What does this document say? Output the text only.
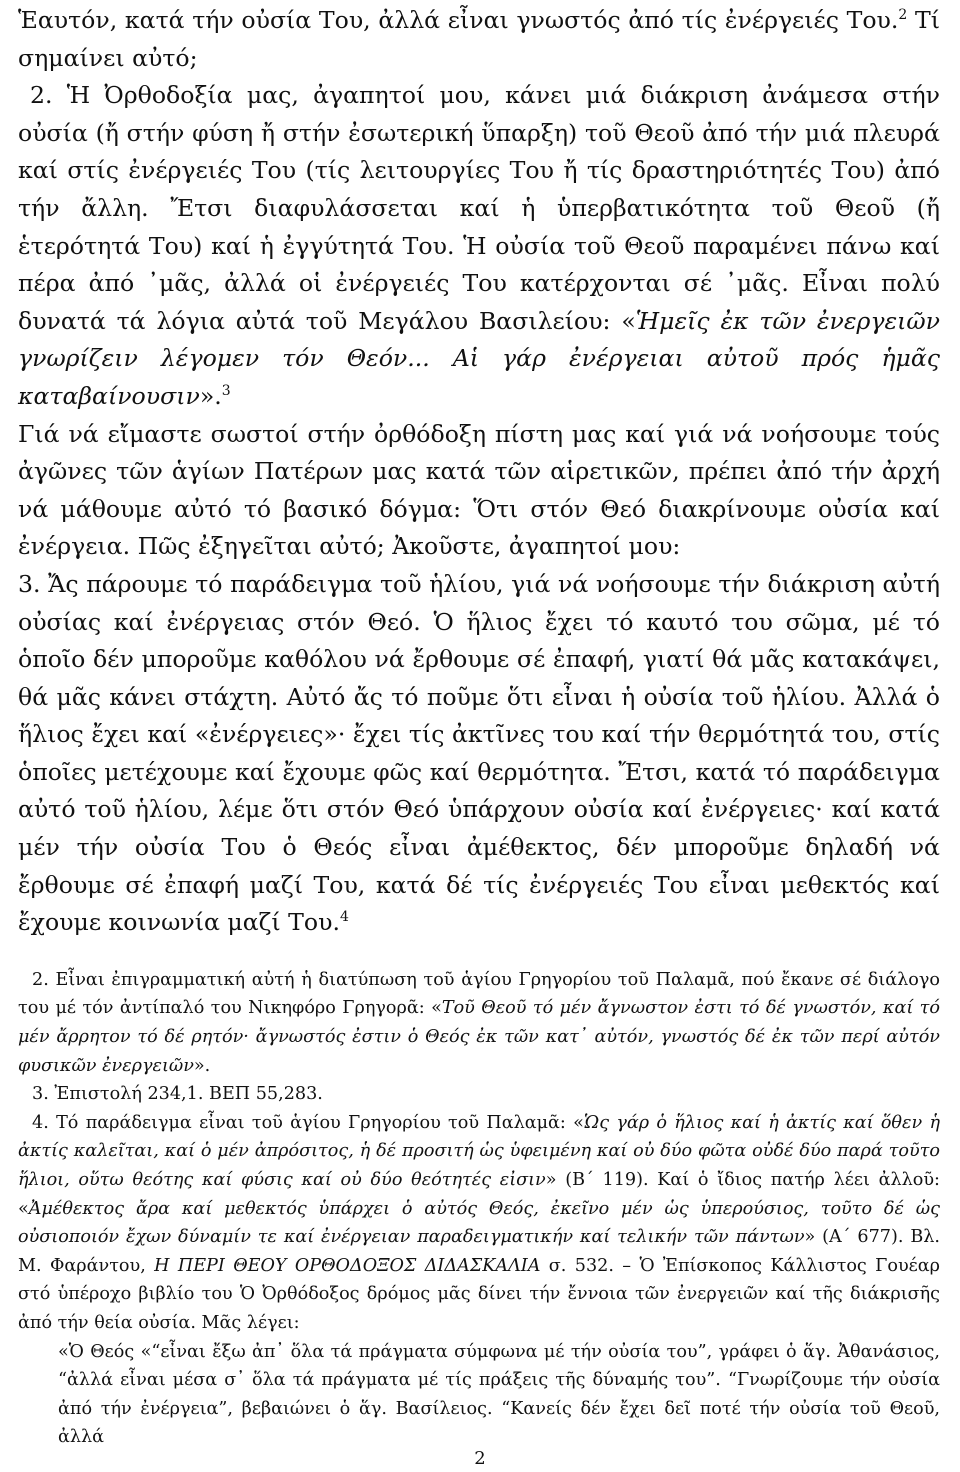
Ἑαυτόν, κατά τήν οὐσία Του, ἀλλά εἶναι γνωστός ἀπό τίς ἐνέργειές Του.$^2$ Τί σημαίνει αὐτό;

2. Ἡ Ὀρθοδοξία μας, ἀγαπητοί μου, κάνει μιά διάκριση ἀνάμεσα στήν οὐσία (ἤ στήν φύση ἤ στήν ἐσωτερική ὕπαρξη) τοῦ Θεοῦ ἀπό τήν μιά πλευρά καί στίς ἐνέργειές Του (τίς λειτουργίες Του ἤ τίς δραστηριότητές Του) ἀπό τήν ἄλλη. Ἔτσι διαφυλάσσεται καί ἡ ὑπερβατικότητα τοῦ Θεοῦ (ἤ ἑτερότητά Του) καί ἡ ἐγγύτητά Του. Ἡ οὐσία τοῦ Θεοῦ παραμένει πάνω καί πέρα ἀπό ᾽μᾶς, ἀλλά οἱ ἐνέργειές Του κατέρχονται σέ ᾽μᾶς. Εἶναι πολύ δυνατά τά λόγια αὐτά τοῦ Μεγάλου Βασιλείου: «Ἡμεῖς ἐκ τῶν ἐνεργειῶν γνωρίζειν λέγομεν τόν Θεόν... Αἱ γάρ ἐνέργειαι αὐτοῦ πρός ἡμᾶς καταβαίνουσιν».$^3$

Γιά νά εἴμαστε σωστοί στήν ὀρθόδοξη πίστη μας καί γιά νά νοήσουμε τούς ἀγῶνες τῶν ἁγίων Πατέρων μας κατά τῶν αἱρετικῶν, πρέπει ἀπό τήν ἀρχή νά μάθουμε αὐτό τό βασικό δόγμα: Ὅτι στόν Θεό διακρίνουμε οὐσία καί ἐνέργεια. Πῶς ἐξηγεῖται αὐτό; Ἀκοῦστε, ἀγαπητοί μου:

3. Ἄς πάρουμε τό παράδειγμα τοῦ ἡλίου, γιά νά νοήσουμε τήν διάκριση αὐτή οὐσίας καί ἐνέργειας στόν Θεό. Ὁ ἥλιος ἔχει τό καυτό του σῶμα, μέ τό ὁποῖο δέν μποροῦμε καθόλου νά ἔρθουμε σέ ἐπαφή, γιατί θά μᾶς κατακάψει, θά μᾶς κάνει στάχτη. Αὐτό ἄς τό ποῦμε ὅτι εἶναι ἡ οὐσία τοῦ ἡλίου. Ἀλλά ὁ ἥλιος ἔχει καί «ἐνέργειες»· ἔχει τίς ἀκτῖνες του καί τήν θερμότητά του, στίς ὁποῖες μετέχουμε καί ἔχουμε φῶς καί θερμότητα. Ἔτσι, κατά τό παράδειγμα αὐτό τοῦ ἡλίου, λέμε ὅτι στόν Θεό ὑπάρχουν οὐσία καί ἐνέργειες· καί κατά μέν τήν οὐσία Του ὁ Θεός εἶναι ἀμέθεκτος, δέν μποροῦμε δηλαδή νά ἔρθουμε σέ ἐπαφή μαζί Του, κατά δέ τίς ἐνέργειές Του εἶναι μεθεκτός καί ἔχουμε κοινωνία μαζί Του.$^4$

2. Εἶναι ἐπιγραμματική αὐτή ἡ διατύπωση τοῦ ἁγίου Γρηγορίου τοῦ Παλαμᾶ, πού ἔκανε σέ διάλογο του μέ τόν ἀντίπαλό του Νικηφόρο Γρηγορᾶ: «Τοῦ Θεοῦ τό μέν ἄγνωστον ἐστι τό δέ γνωστόν, καί τό μέν ἄρρητον τό δέ ρητόν· ἄγνωστός ἐστιν ὁ Θεός ἐκ τῶν κατ᾽ αὐτόν, γνωστός δέ ἐκ τῶν περί αὐτόν φυσικῶν ἐνεργειῶν».

3. Ἐπιστολή 234,1. ΒΕΠ 55,283.

4. Τό παράδειγμα εἶναι τοῦ ἁγίου Γρηγορίου τοῦ Παλαμᾶ: «Ὡς γάρ ὁ ἥλιος καί ἡ ἀκτίς καί ὅθεν ἡ ἀκτίς καλεῖται, καί ὁ μέν ἀπρόσιτος, ἡ δέ προσιτή ὡς ὑφειμένη καί οὐ δύο φῶτα οὐδέ δύο παρά τοῦτο ἥλιοι, οὕτω θεότης καί φύσις καί οὐ δύο θεότητές εἰσιν» (Β΄ 119). Καί ὁ ἴδιος πατήρ λέει ἀλλοῦ: «Ἀμέθεκτος ἄρα καί μεθεκτός ὑπάρχει ὁ αὐτός Θεός, ἐκεῖνο μέν ὡς ὑπερούσιος, τοῦτο δέ ὡς οὐσιοποιόν ἔχων δύναμίν τε καί ἐνέργειαν παραδειγματικήν καί τελικήν τῶν πάντων» (Α΄ 677). Βλ. Μ. Φαράντου, Η ΠΕΡΙ ΘΕΟΥ ΟΡΘΟΔΟΞΟΣ ΔΙΔΑΣΚΑΛΙΑ σ. 532. – Ὁ Ἐπίσκοπος Κάλλιστος Γουέαρ στό ὑπέροχο βιβλίο του Ὁ Ὀρθόδοξος δρόμος μᾶς δίνει τήν ἔννοια τῶν ἐνεργειῶν καί τῆς διάκρισῆς ἀπό τήν θεία οὐσία. Μᾶς λέγει:

«Ὁ Θεός «“εἶναι ἔξω ἀπ᾽ ὅλα τά πράγματα σύμφωνα μέ τήν οὐσία του”, γράφει ὁ ἅγ. Ἀθανάσιος, “ἀλλά εἶναι μέσα σ᾽ ὅλα τά πράγματα μέ τίς πράξεις τῆς δύναμής του”. “Γνωρίζουμε τήν οὐσία ἀπό τήν ἐνέργεια”, βεβαιώνει ὁ ἅγ. Βασίλειος. “Κανείς δέν ἔχει δεῖ ποτέ τήν οὐσία τοῦ Θεοῦ, ἀλλά

2
